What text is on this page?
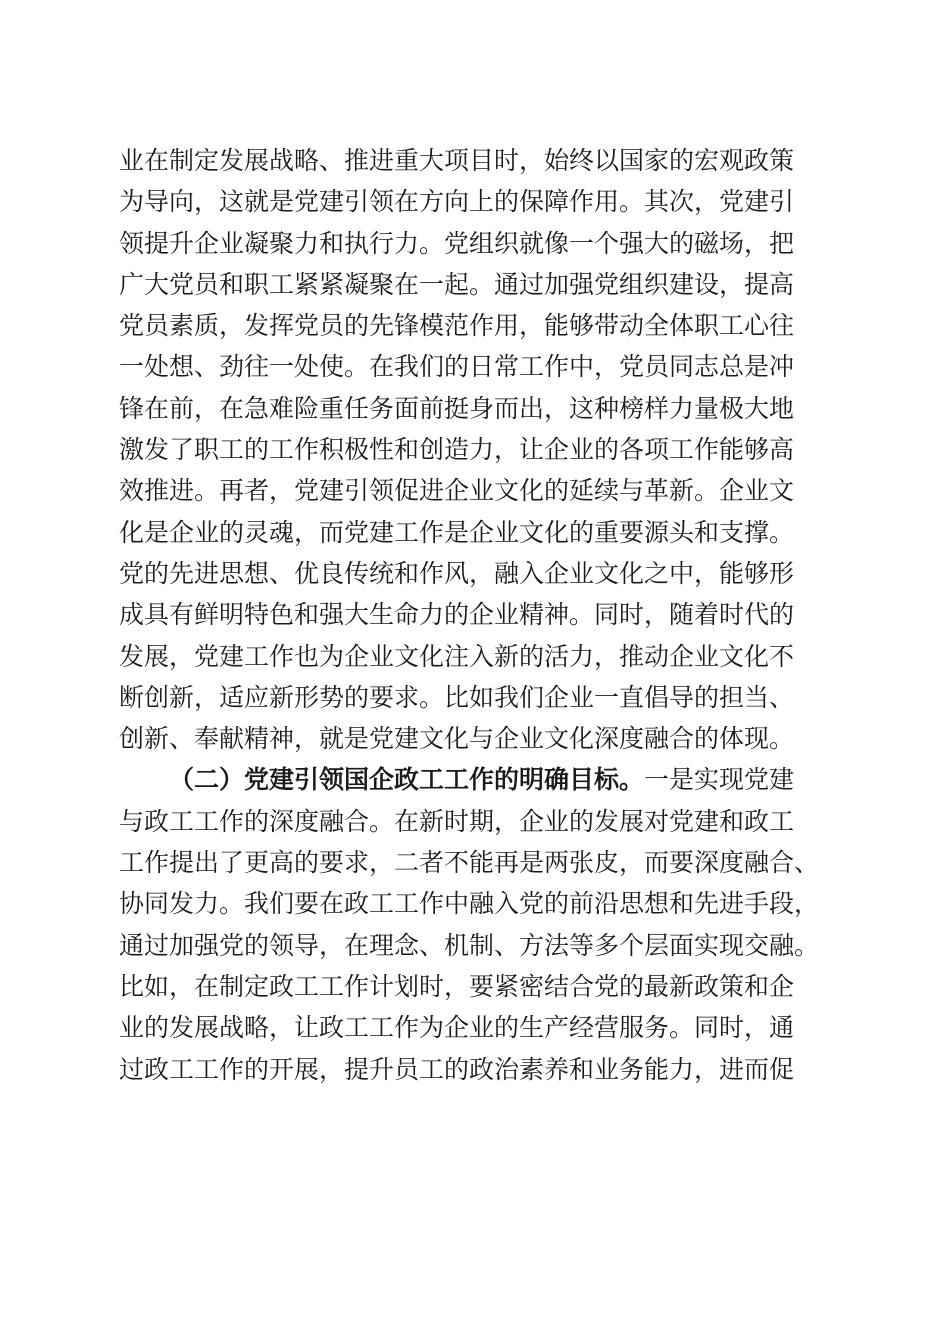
业在制定发展战略、推进重大项目时，始终以国家的宏观政策
为导向，这就是党建引领在方向上的保障作用。其次，党建引
领提升企业凝聚力和执行力。党组织就像一个强大的磁场，把
广大党员和职工紧紧凝聚在一起。通过加强党组织建设，提高
党员素质，发挥党员的先锋模范作用，能够带动全体职工心往
一处想、劲往一处使。在我们的日常工作中，党员同志总是冲
锋在前，在急难险重任务面前挺身而出，这种榜样力量极大地
激发了职工的工作积极性和创造力，让企业的各项工作能够高
效推进。再者，党建引领促进企业文化的延续与革新。企业文
化是企业的灵魂，而党建工作是企业文化的重要源头和支撑。
党的先进思想、优良传统和作风，融入企业文化之中，能够形
成具有鲜明特色和强大生命力的企业精神。同时，随着时代的
发展，党建工作也为企业文化注入新的活力，推动企业文化不
断创新，适应新形势的要求。比如我们企业一直倡导的担当、
创新、奉献精神，就是党建文化与企业文化深度融合的体现。
（二）党建引领国企政工工作的明确目标。一是实现党建
与政工工作的深度融合。在新时期，企业的发展对党建和政工
工作提出了更高的要求，二者不能再是两张皮，而要深度融合、
协同发力。我们要在政工工作中融入党的前沿思想和先进手段，
通过加强党的领导，在理念、机制、方法等多个层面实现交融。
比如，在制定政工工作计划时，要紧密结合党的最新政策和企
业的发展战略，让政工工作为企业的生产经营服务。同时，通
过政工工作的开展，提升员工的政治素养和业务能力，进而促
